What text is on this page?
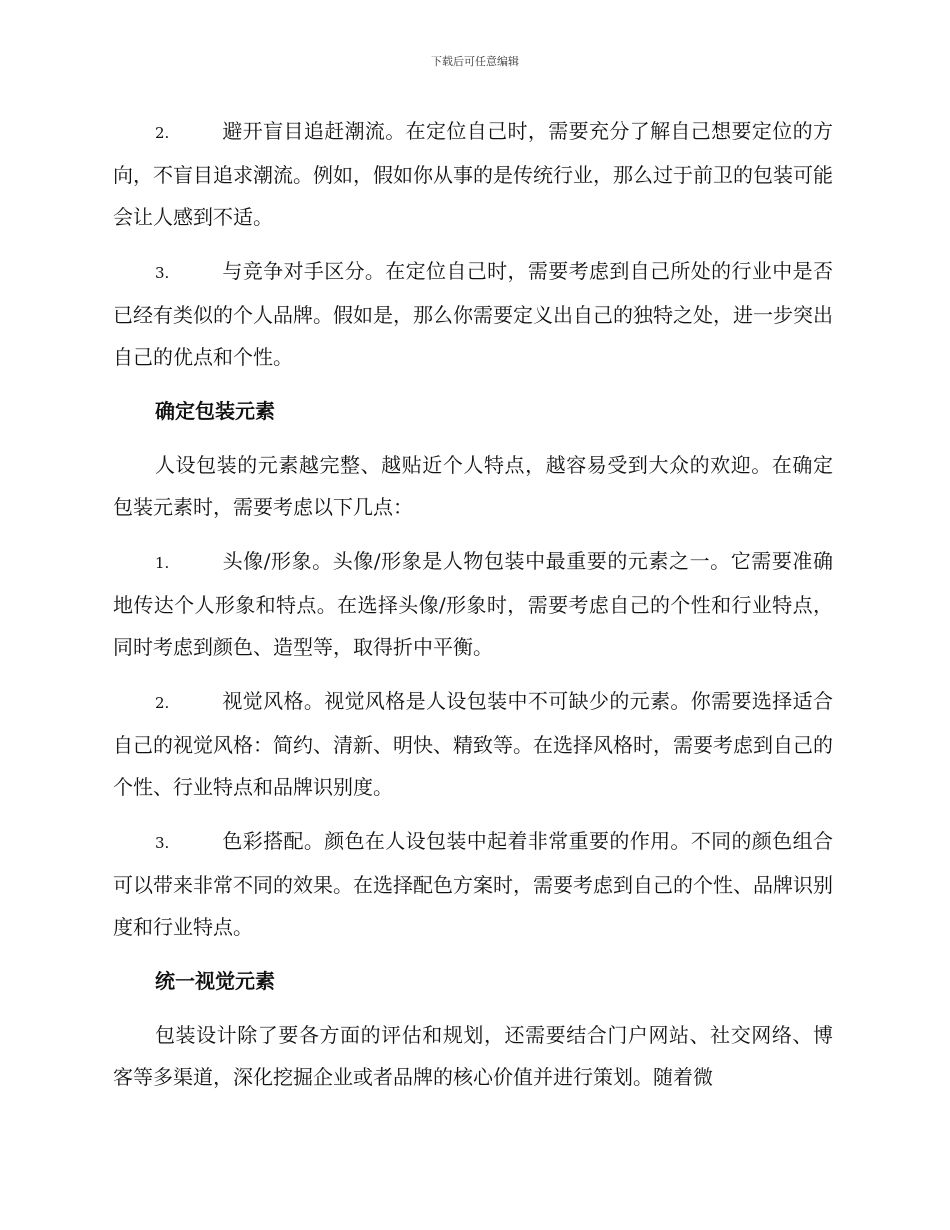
下载后可任意编辑

2.	避开盲目追赶潮流。在定位自己时，需要充分了解自己想要定位的方向，不盲目追求潮流。例如，假如你从事的是传统行业，那么过于前卫的包装可能会让人感到不适。

3.	与竞争对手区分。在定位自己时，需要考虑到自己所处的行业中是否已经有类似的个人品牌。假如是，那么你需要定义出自己的独特之处，进一步突出自己的优点和个性。

确定包装元素

人设包装的元素越完整、越贴近个人特点，越容易受到大众的欢迎。在确定包装元素时，需要考虑以下几点：

1.	头像/形象。头像/形象是人物包装中最重要的元素之一。它需要准确地传达个人形象和特点。在选择头像/形象时，需要考虑自己的个性和行业特点，同时考虑到颜色、造型等，取得折中平衡。

2.	视觉风格。视觉风格是人设包装中不可缺少的元素。你需要选择适合自己的视觉风格：简约、清新、明快、精致等。在选择风格时，需要考虑到自己的个性、行业特点和品牌识别度。

3.	色彩搭配。颜色在人设包装中起着非常重要的作用。不同的颜色组合可以带来非常不同的效果。在选择配色方案时，需要考虑到自己的个性、品牌识别度和行业特点。

统一视觉元素

包装设计除了要各方面的评估和规划，还需要结合门户网站、社交网络、博客等多渠道，深化挖掘企业或者品牌的核心价值并进行策划。随着微
